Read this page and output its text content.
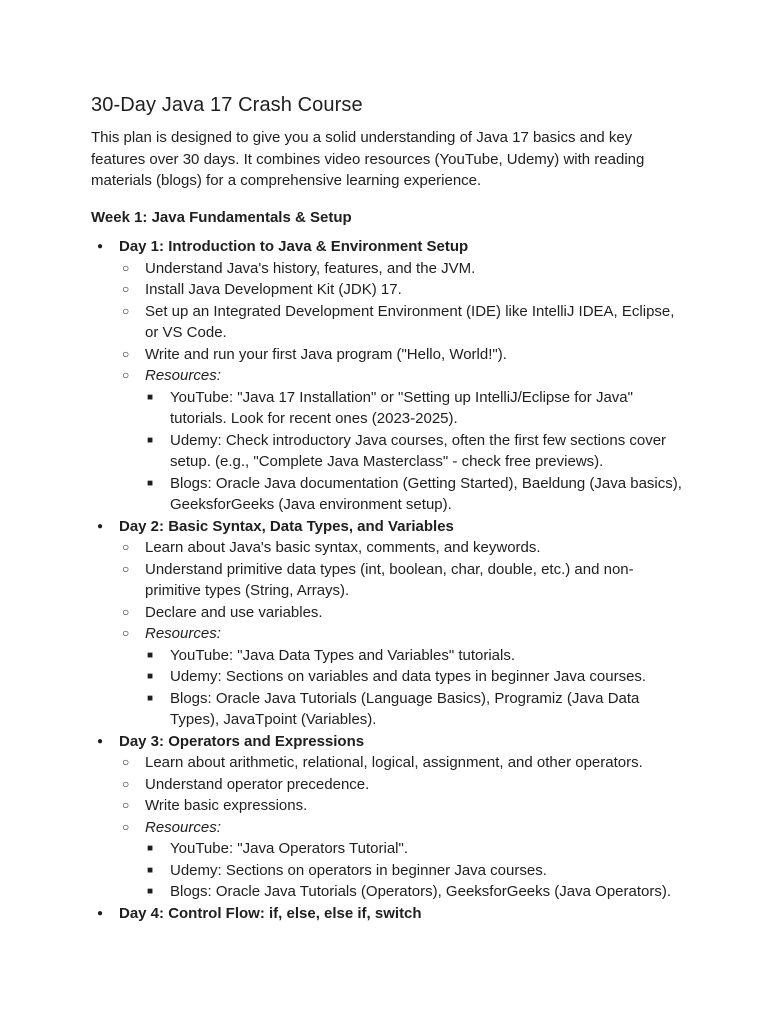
30-Day Java 17 Crash Course

This plan is designed to give you a solid understanding of Java 17 basics and key features over 30 days. It combines video resources (YouTube, Udemy) with reading materials (blogs) for a comprehensive learning experience.

Week 1: Java Fundamentals & Setup
●	Day 1: Introduction to Java & Environment Setup
○	Understand Java's history, features, and the JVM.
○	Install Java Development Kit (JDK) 17.
○	Set up an Integrated Development Environment (IDE) like IntelliJ IDEA, Eclipse, or VS Code.
○	Write and run your first Java program ("Hello, World!").
○	Resources:
■	YouTube: "Java 17 Installation" or "Setting up IntelliJ/Eclipse for Java" tutorials. Look for recent ones (2023-2025).
■	Udemy: Check introductory Java courses, often the first few sections cover setup. (e.g., "Complete Java Masterclass" - check free previews).
■	Blogs: Oracle Java documentation (Getting Started), Baeldung (Java basics), GeeksforGeeks (Java environment setup).
●	Day 2: Basic Syntax, Data Types, and Variables
○	Learn about Java's basic syntax, comments, and keywords.
○	Understand primitive data types (int, boolean, char, double, etc.) and non-primitive types (String, Arrays).
○	Declare and use variables.
○	Resources:
■	YouTube: "Java Data Types and Variables" tutorials.
■	Udemy: Sections on variables and data types in beginner Java courses.
■	Blogs: Oracle Java Tutorials (Language Basics), Programiz (Java Data Types), JavaTpoint (Variables).
●	Day 3: Operators and Expressions
○	Learn about arithmetic, relational, logical, assignment, and other operators.
○	Understand operator precedence.
○	Write basic expressions.
○	Resources:
■	YouTube: "Java Operators Tutorial".
■	Udemy: Sections on operators in beginner Java courses.
■	Blogs: Oracle Java Tutorials (Operators), GeeksforGeeks (Java Operators).
●	Day 4: Control Flow: if, else, else if, switch
